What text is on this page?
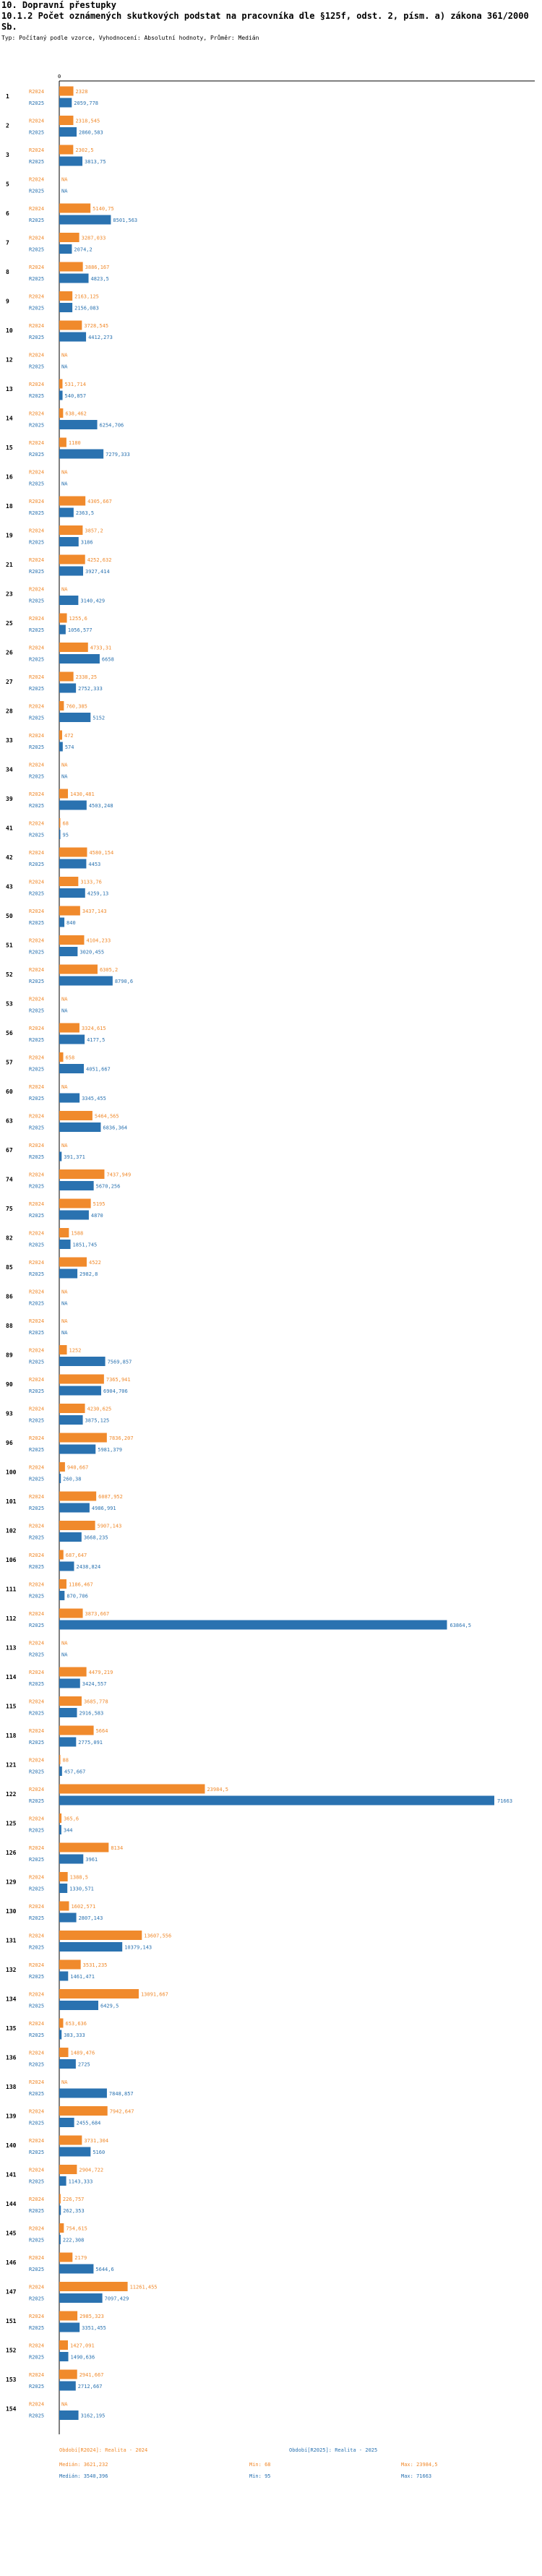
10. Dopravní přestupky
10.1.2 Počet oznámených skutkových podstat na pracovníka dle §125f, odst. 2, písm. a) zákona 361/2000 Sb.
Typ: Počítaný podle vzorce, Vyhodnocení: Absolutní hodnoty, Průměr: Medián
0
1
R2024	2328
R2025	2059,778
2
R2024	2318,545
R2025	2860,583
3
R2024	2302,5
R2025	3813,75
5
R2024	NA
R2025	NA
6
R2024	5140,75
R2025	8501,563
7
R2024	3287,033
R2025	2074,2
8
R2024	3886,167
R2025	4823,5
9
R2024	2163,125
R2025	2156,083
10
R2024	3728,545
R2025	4412,273
12
R2024	NA
R2025	NA
13
R2024	531,714
R2025	540,857
14
R2024	638,462
R2025	6254,706
15
R2024	1180
R2025	7279,333
16
R2024	NA
R2025	NA
18
R2024	4305,667
R2025	2363,5
19
R2024	3857,2
R2025	3186
21
R2024	4252,632
R2025	3927,414
23
R2024	NA
R2025	3140,429
25
R2024	1255,6
R2025	1056,577
26
R2024	4733,31
R2025	6658
27
R2024	2338,25
R2025	2752,333
28
R2024	760,385
R2025	5152
33
R2024	472
R2025	574
34
R2024	NA
R2025	NA
39
R2024	1430,481
R2025	4503,248
41
R2024	68
R2025	95
42
R2024	4580,154
R2025	4453
43
R2024	3133,76
R2025	4259,13
50
R2024	3437,143
R2025	840
51
R2024	4104,233
R2025	3020,455
52
R2024	6305,2
R2025	8790,6
53
R2024	NA
R2025	NA
56
R2024	3324,615
R2025	4177,5
57
R2024	658
R2025	4051,667
60
R2024	NA
R2025	3345,455
63
R2024	5464,565
R2025	6836,364
67
R2024	NA
R2025	391,371
74
R2024	7437,949
R2025	5670,256
75
R2024	5195
R2025	4870
82
R2024	1588
R2025	1851,745
85
R2024	4522
R2025	2982,8
86
R2024	NA
R2025	NA
88
R2024	NA
R2025	NA
89
R2024	1252
R2025	7569,857
90
R2024	7365,941
R2025	6904,706
93
R2024	4230,625
R2025	3875,125
96
R2024	7836,207
R2025	5981,379
100
R2024	940,667
R2025	260,38
101
R2024	6087,952
R2025	4986,991
102
R2024	5907,143
R2025	3668,235
106
R2024	687,647
R2025	2438,824
111
R2024	1186,467
R2025	870,706
112
R2024	3873,667
R2025	63864,5
113
R2024	NA
R2025	NA
114
R2024	4479,219
R2025	3424,557
115
R2024	3685,778
R2025	2916,583
118
R2024	5664
R2025	2775,091
121
R2024	88
R2025	457,667
122
R2024	23984,5
R2025	71663
125
R2024	365,6
R2025	344
126
R2024	8134
R2025	3961
129
R2024	1388,5
R2025	1330,571
130
R2024	1602,571
R2025	2807,143
131
R2024	13607,556
R2025	10379,143
132
R2024	3531,235
R2025	1461,471
134
R2024	13091,667
R2025	6429,5
135
R2024	653,636
R2025	383,333
136
R2024	1489,476
R2025	2725
138
R2024	NA
R2025	7848,857
139
R2024	7942,647
R2025	2455,684
140
R2024	3731,304
R2025	5160
141
R2024	2904,722
R2025	1143,333
144
R2024	226,757
R2025	262,353
145
R2024	754,615
R2025	222,308
146
R2024	2179
R2025	5644,6
147
R2024	11261,455
R2025	7097,429
151
R2024	2985,323
R2025	3351,455
152
R2024	1427,091
R2025	1490,636
153
R2024	2941,667
R2025	2712,667
154
R2024	NA
R2025	3162,195
Období[R2024]: Realita - 2024	Období[R2025]: Realita - 2025
Medián: 3621,232	Min: 68	Max: 23984,5
Medián: 3540,396	Min: 95	Max: 71663
